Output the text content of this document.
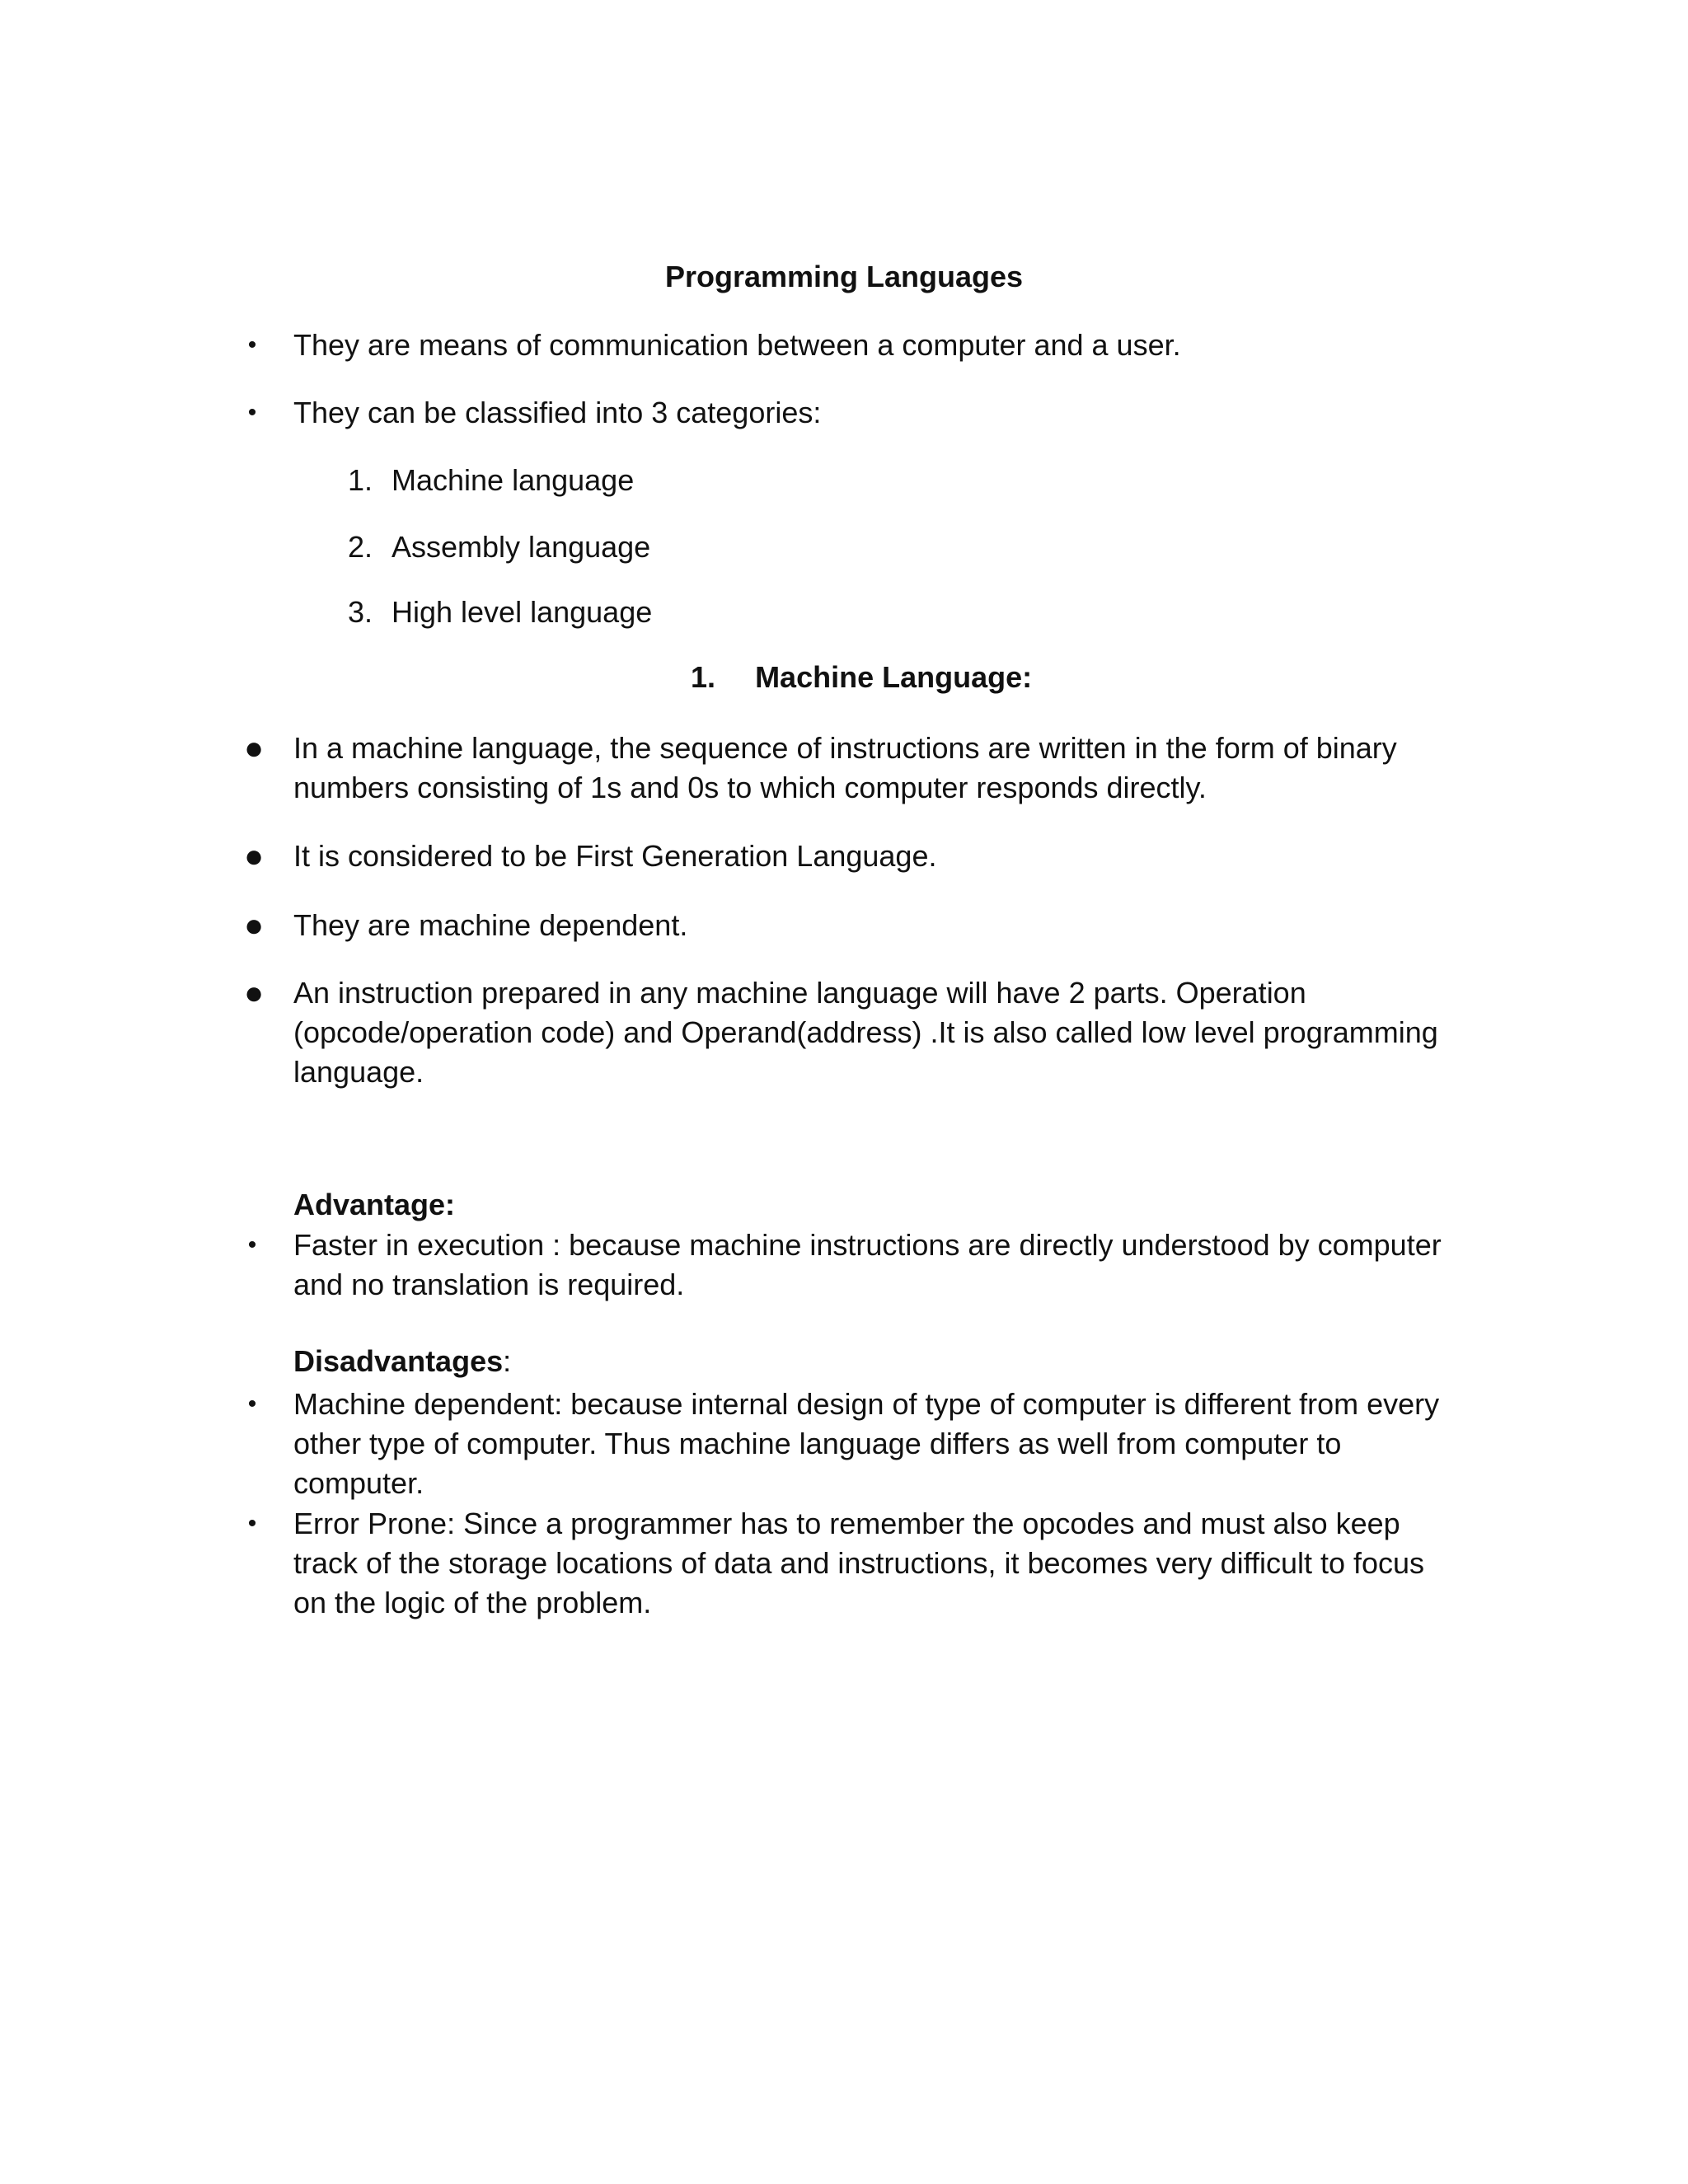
Programming Languages
• They are means of communication between a computer and a user.
• They can be classified into 3 categories:
1. Machine language
2. Assembly language
3. High level language
1. Machine Language:
● In a machine language, the sequence of instructions are written in the form of binary
numbers consisting of 1s and 0s to which computer responds directly.
● It is considered to be First Generation Language.
● They are machine dependent.
● An instruction prepared in any machine language will have 2 parts. Operation
(opcode/operation code) and Operand(address) .It is also called low level programming
language.
Advantage:
• Faster in execution : because machine instructions are directly understood by computer
and no translation is required.
Disadvantages:
• Machine dependent: because internal design of type of computer is different from every
other type of computer. Thus machine language differs as well from computer to
computer.
• Error Prone: Since a programmer has to remember the opcodes and must also keep
track of the storage locations of data and instructions, it becomes very difficult to focus
on the logic of the problem.
